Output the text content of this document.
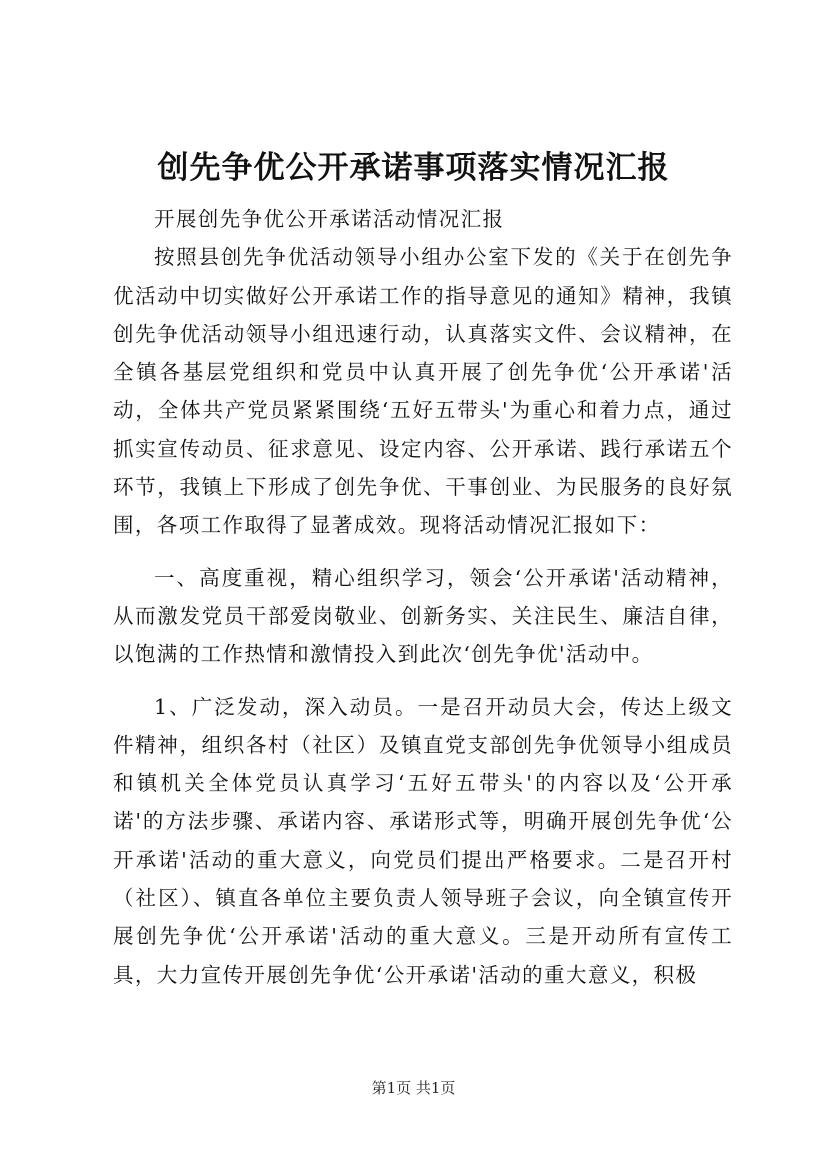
创先争优公开承诺事项落实情况汇报

开展创先争优公开承诺活动情况汇报

按照县创先争优活动领导小组办公室下发的《关于在创先争优活动中切实做好公开承诺工作的指导意见的通知》精神，我镇创先争优活动领导小组迅速行动，认真落实文件、会议精神，在全镇各基层党组织和党员中认真开展了创先争优‘公开承诺'活动，全体共产党员紧紧围绕‘五好五带头'为重心和着力点，通过抓实宣传动员、征求意见、设定内容、公开承诺、践行承诺五个环节，我镇上下形成了创先争优、干事创业、为民服务的良好氛围，各项工作取得了显著成效。现将活动情况汇报如下：

一、高度重视，精心组织学习，领会‘公开承诺'活动精神，从而激发党员干部爱岗敬业、创新务实、关注民生、廉洁自律，以饱满的工作热情和激情投入到此次‘创先争优'活动中。

1、广泛发动，深入动员。一是召开动员大会，传达上级文件精神，组织各村（社区）及镇直党支部创先争优领导小组成员和镇机关全体党员认真学习‘五好五带头'的内容以及‘公开承诺'的方法步骤、承诺内容、承诺形式等，明确开展创先争优‘公开承诺'活动的重大意义，向党员们提出严格要求。二是召开村（社区）、镇直各单位主要负责人领导班子会议，向全镇宣传开展创先争优‘公开承诺'活动的重大意义。三是开动所有宣传工具，大力宣传开展创先争优‘公开承诺'活动的重大意义，积极

第1页 共1页
